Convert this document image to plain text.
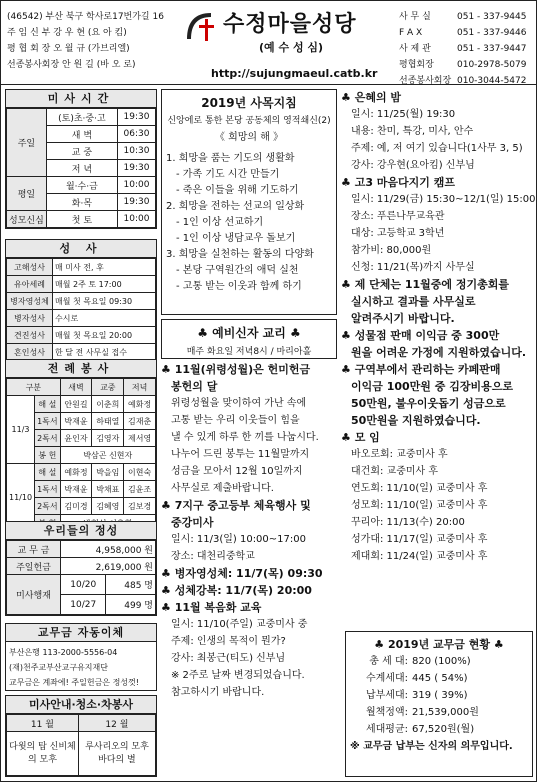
(46542) 부산 북구 학사로17번가길 16
주 임 신 부 강 우 현 (요 아 킴)
평 협 회 장 오 월 규 (가브리엘)
선종봉사회장 안 원 길 (바 오 로)
수정마을성당
(예 수 성 심)
http://sujungmaeul.catb.kr
사 무 실	051 - 337-9445
F A X	051 - 337-9446
사 제 관	051 - 337-9447
평협회장	010-2978-5079
선종봉사회장 010-3044-5472
미사시간
주일	(토)초·중·고	19:30
	새 벽	06:30
	교 중	10:30
	저 녁	19:30
평일	월·수·금	10:00
	화·목	19:30
성모신심	첫 토	10:00
성 사
고해성사	매 미사 전, 후
유아세례	매월 2주 토 17:00
병자영성체	매월 첫 목요일 09:30
병자성사	수시로
견진성사	매월 첫 목요일 20:00
혼인성사	한 달 전 사무실 접수
전례봉사
구분		새벽	교중	저녁
11/3	해 설	안원길	이춘희	예화정
	1독서	박재윤	하태열	김재춘
	2독서	윤인자	김영자	제서영
	봉 헌	박삼곤 신현자		
11/10	해 설	예화정	박을임	이현숙
	1독서	박재윤	박채표	김윤조
	2독서	김미경	김혜영	김보경

우리들의 정성
교 무 금	4,958,000 원	
주일헌금	2,619,000 원	
미사행재	10/20	485 명
	10/27	499 명
교무금 자동이체
부산은행 113-2000-5556-04
(재)천주교부산교구유지재단
교무금은 계좌에! 주일헌금은 정성껏!
미사안내·청소·차봉사
11 월	12 월
다윗의 탑 신비체의 모후	루사리오의 모후 바다의 별
2019년 사목지침
신앙에로 통한 본당 공동체의 영적쇄신(2)
《 희망의 해 》
1. 희망을 품는 기도의 생활화
- 가족 기도 시간 만들기
- 죽은 이들을 위해 기도하기
2. 희망을 전하는 선교의 일상화
- 1인 이상 선교하기
- 1인 이상 냉담교우 돌보기
3. 희망을 실천하는 활동의 다양화
- 본당 구역원간의 애덕 실천
- 고통 받는 이웃과 함께 하기
♣ 예비신자 교리 ♣
매주 화요일 저녁8시 / 마리아홀
♣ 11월(위령성월)은 헌미헌금
봉헌의 달
위령성월을 맞이하여 가난 속에
고통 받는 우리 이웃들이 힘을
낼 수 있게 하루 한 끼를 나눕시다.
나누어 드린 봉투는 11월말까지
성금을 모아서 12월 10일까지
사무실로 제출바랍니다.
♣ 7지구 중고등부 체육행사 및
중강미사
일시: 11/3(일) 10:00~17:00
장소: 대천리중학교
♣ 병자영성체: 11/7(목) 09:30
♣ 성체강복: 11/7(목) 20:00
♣ 11월 복음화 교육
일시: 11/10(주일) 교중미사 중
주제: 인생의 목적이 뭔가?
강사: 최봉근(티도) 신부님
※ 2주로 날짜 변경되었습니다.
참고하시기 바랍니다.
♣ 은혜의 밤
일시: 11/25(월) 19:30
내용: 찬미, 특강, 미사, 안수
주제: 예, 저 여기 있습니다(1사무 3, 5)
강사: 강우현(요아킴) 신부님
♣ 고3 마음다지기 캠프
일시: 11/29(금) 15:30~12/1(일) 15:00
장소: 푸른나무교육관
대상: 고등학교 3학년
참가비: 80,000원
신청: 11/21(목)까지 사무실
♣ 제 단체는 11월중에 정기총회를
실시하고 결과를 사무실로
알려주시기 바랍니다.
♣ 성물점 판매 이익금 중 300만
원을 어려운 가정에 지원하였습니다.
♣ 구역부에서 관리하는 카페판매
이익금 100만원 중 김장비용으로
50만원, 불우이웃돕기 성금으로
50만원을 지원하였습니다.
♣ 모 임
바오로회: 교중미사 후
대건회: 교중미사 후
연도회: 11/10(일) 교중미사 후
성모회: 11/10(일) 교중미사 후
꾸리아: 11/13(수) 20:00
성가대: 11/17(일) 교중미사 후
제대회: 11/24(일) 교중미사 후
♣ 2019년 교무금 현황 ♣
총 세 대: 820 (100%)
수계세대: 445 ( 54%)
납부세대: 319 ( 39%)
월책정액: 21,539,000원
세대평균: 67,520원(월)
※ 교무금 납부는 신자의 의무입니다.
